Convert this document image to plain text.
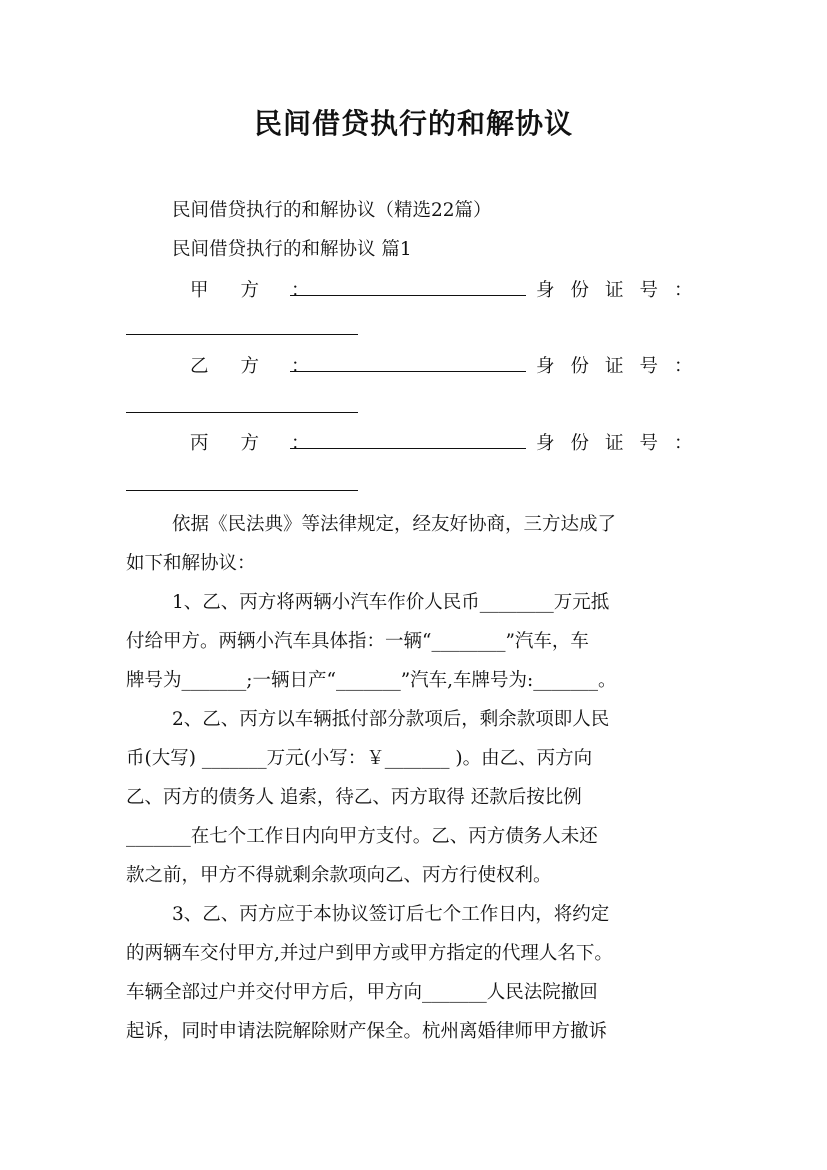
民间借贷执行的和解协议
民间借贷执行的和解协议（精选22篇）
民间借贷执行的和解协议 篇1
甲方：	身份证号：
乙方：	身份证号：
丙方：	身份证号：
依据《民法典》等法律规定，经友好协商，三方达成了
如下和解协议：
1、乙、丙方将两辆小汽车作价人民币________万元抵
付给甲方。两辆小汽车具体指：一辆“________”汽车，车
牌号为_______;一辆日产“_______”汽车,车牌号为:_______。
2、乙、丙方以车辆抵付部分款项后，剩余款项即人民
币(大写) _______万元(小写：￥_______ )。由乙、丙方向
乙、丙方的债务人 追索，待乙、丙方取得 还款后按比例
_______在七个工作日内向甲方支付。乙、丙方债务人未还
款之前，甲方不得就剩余款项向乙、丙方行使权利。
3、乙、丙方应于本协议签订后七个工作日内，将约定
的两辆车交付甲方,并过户到甲方或甲方指定的代理人名下。
车辆全部过户并交付甲方后，甲方向_______人民法院撤回
起诉，同时申请法院解除财产保全。杭州离婚律师甲方撤诉
